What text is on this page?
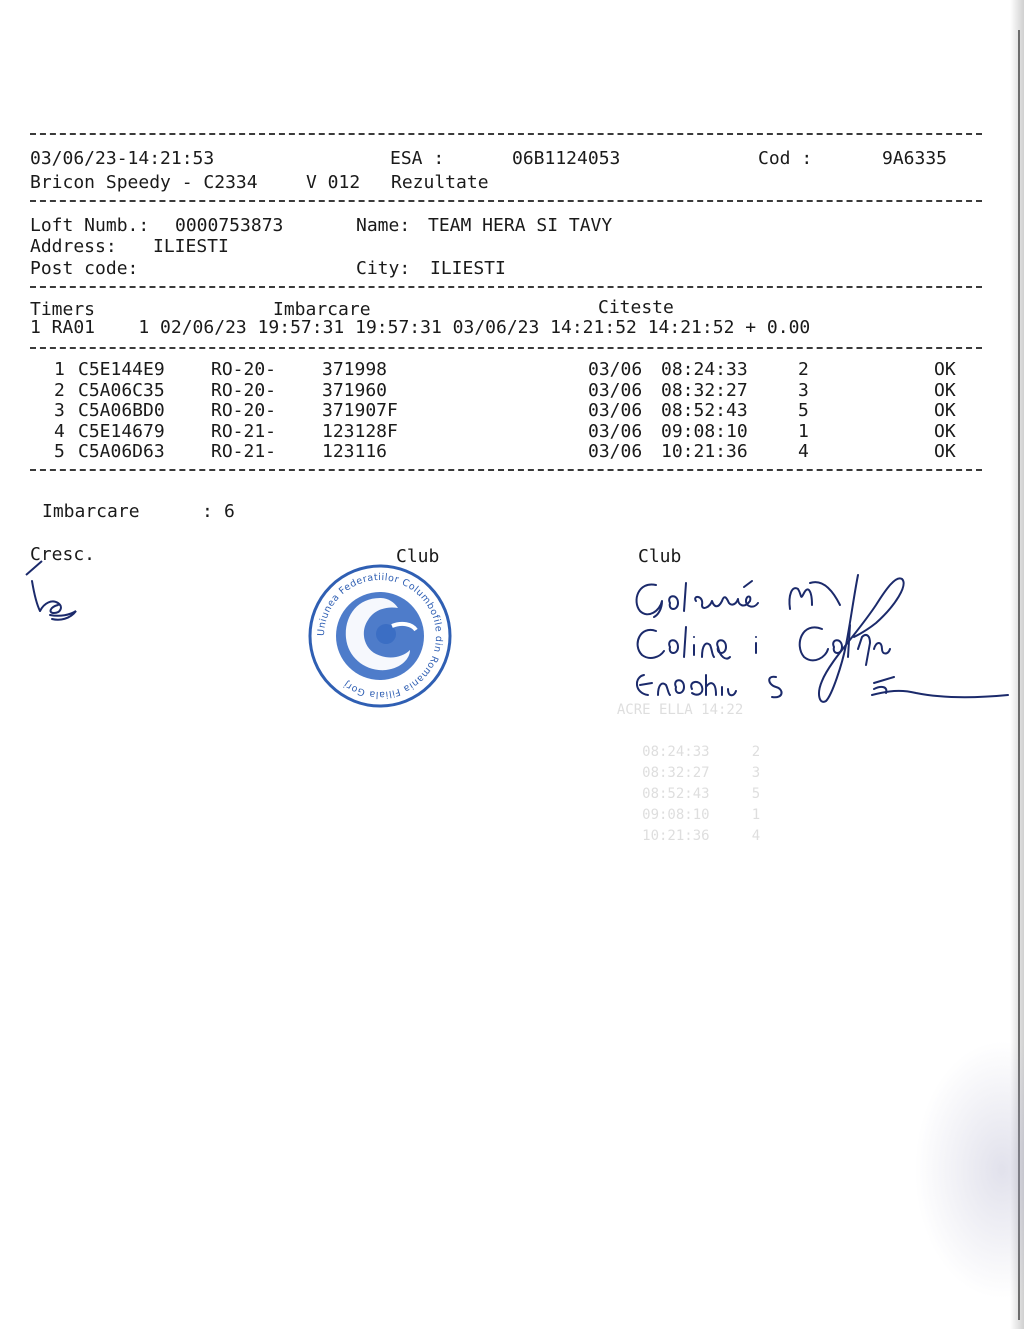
ACRE ELLA 14:22

08:24:33     2
08:32:27     3
08:52:43     5
09:08:10     1
10:21:36     4
03/06/23-14:21:53	ESA :	06B1124053	Cod :	9A6335
Bricon Speedy - C2334	V 012 Rezultate
Loft Numb.: 0000753873	Name: TEAM HERA SI TAVY
Address: ILIESTI
Post code:	City: ILIESTI
Timers	Imbarcare	Citeste
1 RA01    1 02/06/23 19:57:31 19:57:31 03/06/23 14:21:52 14:21:52 + 0.00
1 C5E144E9	RO-20-	371998	03/06 08:24:33	2	OK
2 C5A06C35	RO-20-	371960	03/06 08:32:27	3	OK
3 C5A06BD0	RO-20-	371907F	03/06 08:52:43	5	OK
4 C5E14679	RO-21-	123128F	03/06 09:08:10	1	OK
5 C5A06D63	RO-21-	123116	03/06 10:21:36	4	OK
Imbarcare	: 6
Cresc.	Club	Club
Uniunea Federatiilor Columbofile din Romania Filiala Gorj
